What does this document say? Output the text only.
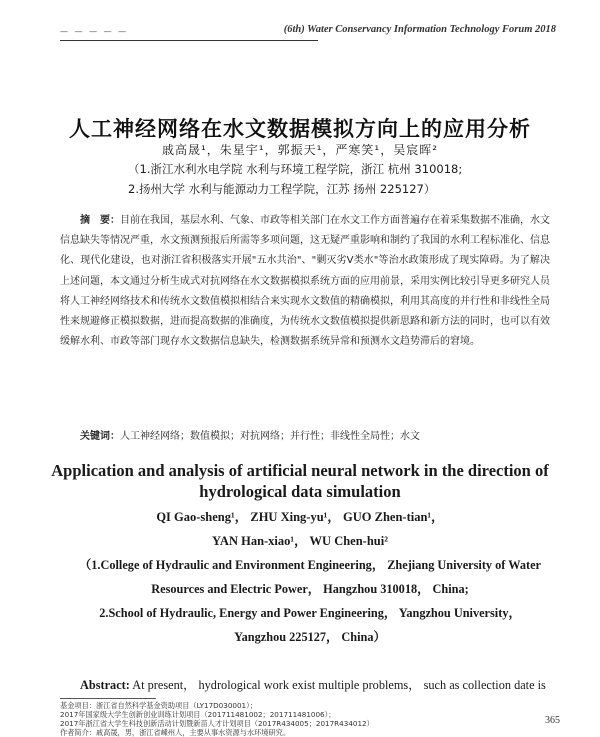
— — — — —	(6th) Water Conservancy Information Technology Forum 2018
人工神经网络在水文数据模拟方向上的应用分析
戚高晟¹，朱星宇¹，郭振天¹，严寒笑¹，吴宸晖²
（1.浙江水利水电学院 水利与环境工程学院，浙江 杭州 310018;
2.扬州大学 水利与能源动力工程学院，江苏 扬州 225127）
摘　要：目前在我国，基层水利、气象、市政等相关部门在水文工作方面普遍存在着采集数据不准确，水文信息缺失等情况严重，水文预测预报后所需等多项问题，这无疑严重影响和制约了我国的水利工程标准化、信息化、现代化建设，也对浙江省积极落实开展"五水共治"、"剿灭劣V类水"等治水政策形成了现实障碍。为了解决上述问题，本文通过分析生成式对抗网络在水文数据模拟系统方面的应用前景，采用实例比较引导更多研究人员将人工神经网络技术和传统水文数值模拟相结合来实现水文数值的精确模拟，利用其高度的并行性和非线性全局性来规避修正模拟数据，进而提高数据的准确度，为传统水文数值模拟提供新思路和新方法的同时，也可以有效缓解水利、市政等部门现存水文数据信息缺失，检测数据系统异常和预测水文趋势滞后的窘境。
关键词：人工神经网络；数值模拟；对抗网络；并行性；非线性全局性；水文
Application and analysis of artificial neural network in the direction of hydrological data simulation
QI Gao-sheng¹， ZHU Xing-yu¹， GUO Zhen-tian¹，
YAN Han-xiao¹， WU Chen-hui²
（1.College of Hydraulic and Environment Engineering， Zhejiang University of Water
Resources and Electric Power， Hangzhou 310018， China;
2.School of Hydraulic, Energy and Power Engineering， Yangzhou University，
Yangzhou 225127， China）
Abstract: At present， hydrological work exist multiple problems， such as collection date is
基金项目：浙江省自然科学基金资助项目（LY17D030001）；
2017年国家级大学生创新创业训练计划项目（201711481002；201711481006）；
2017年浙江省大学生科技创新活动计划暨新苗人才计划项目（2017R434005；2017R434012）
作者简介：戚高晟，男，浙江省嵊州人，主要从事水资源与水环境研究。
365
